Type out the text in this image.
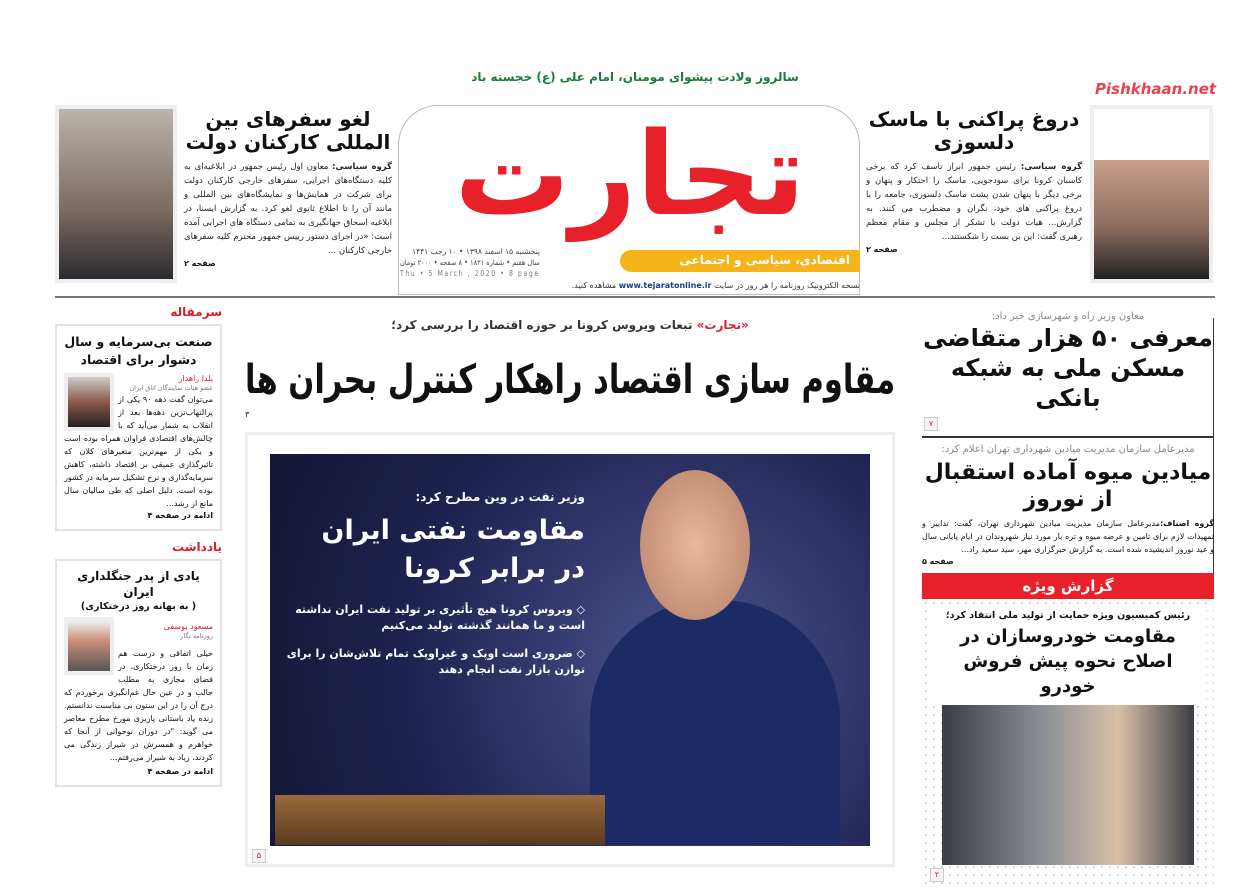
سالروز ولادت پیشوای مومنان، امام علی (ع) خجسته باد
تجارت
اقتصادی، سیاسی و اجتماعی
پنجشنبه ۱۵ اسفند ۱۳۹۸ • ۱۰ رجب ۱۴۴۱
سال هفتم • شماره ۱۸۲۱ • ۸ صفحه • ۲۰۰۰ تومان
Thu • 5 March , 2020 • 8 page
نسخه الکترونیک روزنامه را هر روز در سایت www.tejaratonline.ir مشاهده کنید.
دروغ پراکنی با ماسک دلسوزی

گروه سیاسی: رئیس جمهور ابراز تاسف کرد که برخی کاسبان کرونا برای سودجویی، ماسک را احتکار و پنهان و برخی دیگر با پنهان شدن پشت ماسک دلسوزی، جامعه را با دروغ پراکنی های خود، نگران و مضطرب می کنند. به گزارش... هیات دولت با تشکر از مجلس و مقام معظم رهبری گفت: این بن بست را شکستند...

صفحه ۲
Pishkhaan.net
لغو سفرهای بین المللی کارکنان دولت

گروه سیاسی: معاون اول رئیس جمهور در ابلاغیه‌ای به کلیه دستگاه‌های اجرایی، سفرهای خارجی کارکنان دولت برای شرکت در همایش‌ها و نمایشگاه‌های بین المللی و مانند آن را تا اطلاع ثانوی لغو کرد. به گزارش ایسنا، در ابلاغیه اسحاق جهانگیری به تمامی دستگاه های اجرایی آمده است: «در اجرای دستور رییس جمهور محترم کلیه سفرهای خارجی کارکنان ...

صفحه ۲
سرمقاله
صنعت بی‌سرمایه و سال دشوار برای اقتصاد
یلدا راهدار
عضو هیات نمایندگان اتاق ایران
می‌توان گفت دهه ۹۰ یکی از پرالتهاب‌ترین دهه‌ها بعد از انقلاب به شمار می‌آید که با چالش‌های اقتصادی فراوان همراه بوده است و یکی از مهم‌ترین متغیرهای کلان که تاثیرگذاری عمیقی بر اقتصاد داشته، کاهش سرمایه‌گذاری و نرخ تشکیل سرمایه در کشور بوده است. دلیل اصلی که طی سالیان سال مانع از رشد...
ادامه در صفحه ۴
یادداشت
یادی از پدر جنگلداری ایران
( به بهانه روز درختکاری)
مسعود یوسفی
روزنامه نگار
خیلی اتفاقی و درست هم زمان با روز درختکاری، در فضای مجازی به مطلب جالب و در عین حال غم‌انگیزی برخوردم که درج آن را در این ستون بی مناسبت ندانستم. زنده یاد باستانی پاریزی مورخ مطرح معاصر می گوید: "در دوران نوجوانی از آنجا که خواهرم و همسرش در شیراز زندگی می کردند، زیاد به شیراز می‌رفتم...
ادامه در صفحه ۴
«تجارت» تبعات ویروس کرونا بر حوزه اقتصاد را بررسی کرد؛
مقاوم سازی اقتصاد راهکار کنترل بحران ها
۳
وزیر نفت در وین مطرح کرد:
مقاومت نفتی ایران
در برابر کرونا
◇ ویروس کرونا هیچ تأثیری بر تولید نفت ایران نداشته است و ما همانند گذشته تولید می‌کنیم
◇ ضروری است اوپک و غیراوپک تمام تلاش‌شان را برای توازن بازار نفت انجام دهند
۵
معاون وزیر راه و شهرسازی خبر داد:
معرفی ۵۰ هزار متقاضی مسکن ملی به شبکه بانکی
۷
مدیرعامل سازمان مدیریت میادین شهرداری تهران اعلام کرد:
میادین میوه آماده استقبال از نوروز
گروه اصناف:مدیرعامل سازمان مدیریت میادین شهرداری تهران، گفت: تدابیر و تمهیدات لازم برای تامین و عرضه میوه و تره بار مورد نیاز شهروندان در ایام پایانی سال و عید نوروز اندیشیده شده است. به گزارش خبرگزاری مهر، سید سعید راد...
صفحه ۵
گزارش ویژه
رئیس کمیسیون ویژه حمایت از تولید ملی انتقاد کرد؛
مقاومت خودروسازان در اصلاح نحوه پیش فروش خودرو
۲
